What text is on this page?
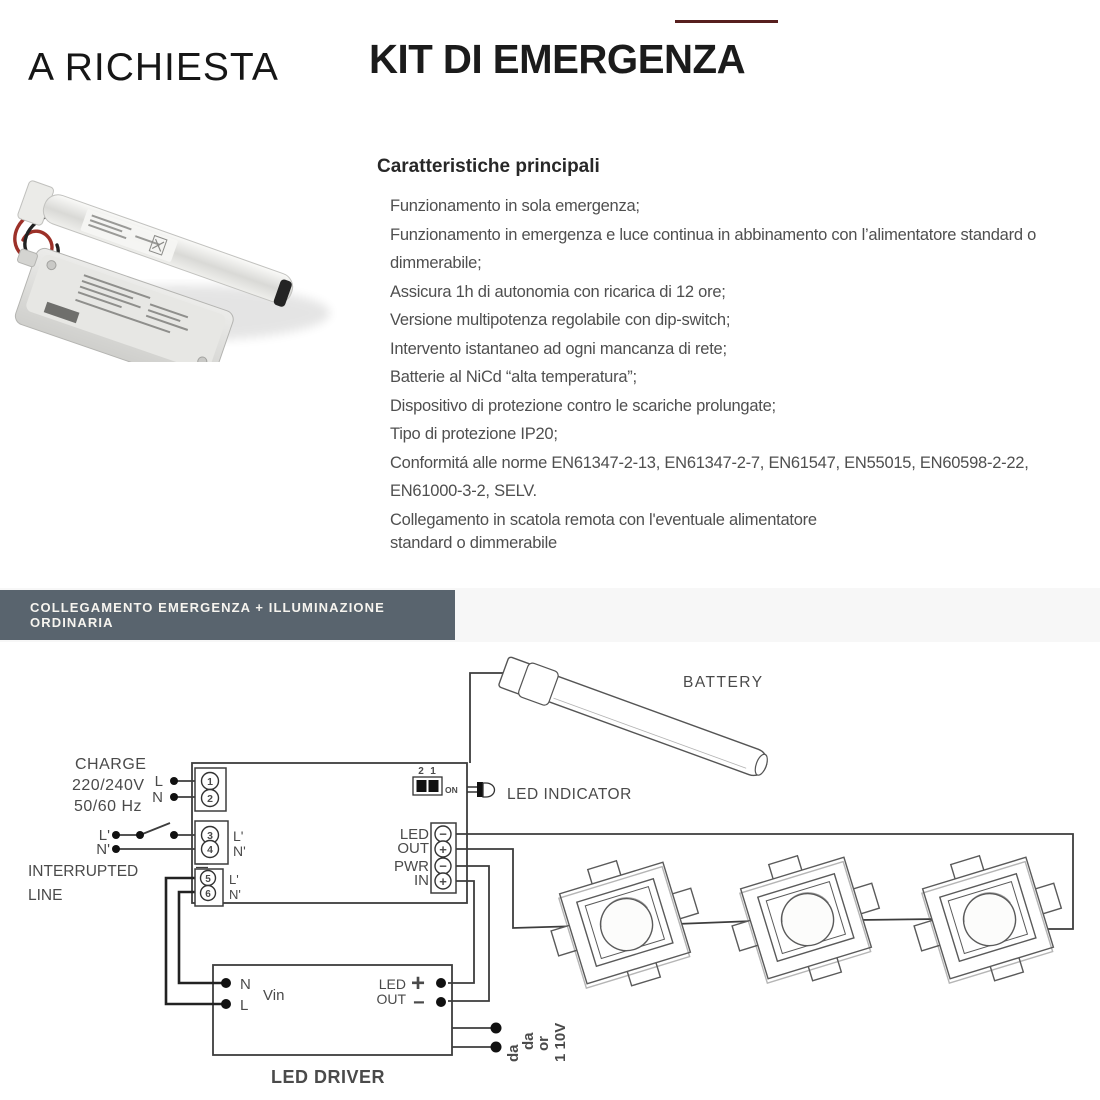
A RICHIESTA KIT DI EMERGENZA
Caratteristiche principali

Funzionamento in sola emergenza;

Funzionamento in emergenza e luce continua in abbinamento con l’alimentatore standard o dimmerabile;

Assicura 1h di autonomia con ricarica di 12 ore;

Versione multipotenza regolabile con dip-switch;

Intervento istantaneo ad ogni mancanza di rete;

Batterie al NiCd “alta temperatura”;

Dispositivo di protezione contro le scariche prolungate;

Tipo di protezione IP20;

Conformitá alle norme EN61347-2-13, EN61347-2-7, EN61547, EN55015, EN60598-2-22, EN61000-3-2, SELV.

Collegamento in scatola remota con l'eventuale alimentatore
standard o dimmerabile

COLLEGAMENTO EMERGENZA + ILLUMINAZIONE ORDINARIA
BATTERY
CHARGE
220/240V
50/60 Hz
L
N
L'
N'
INTERRUPTED
LINE
1
2
3
4
L'
N'
5
6
L'
N'
2 1
ON	LED INDICATOR
−
+
−
+
LED
OUT
PWR
IN
N
L
Vin
LED
OUT
+
−
LED DRIVER
da
da
or 1 10V
